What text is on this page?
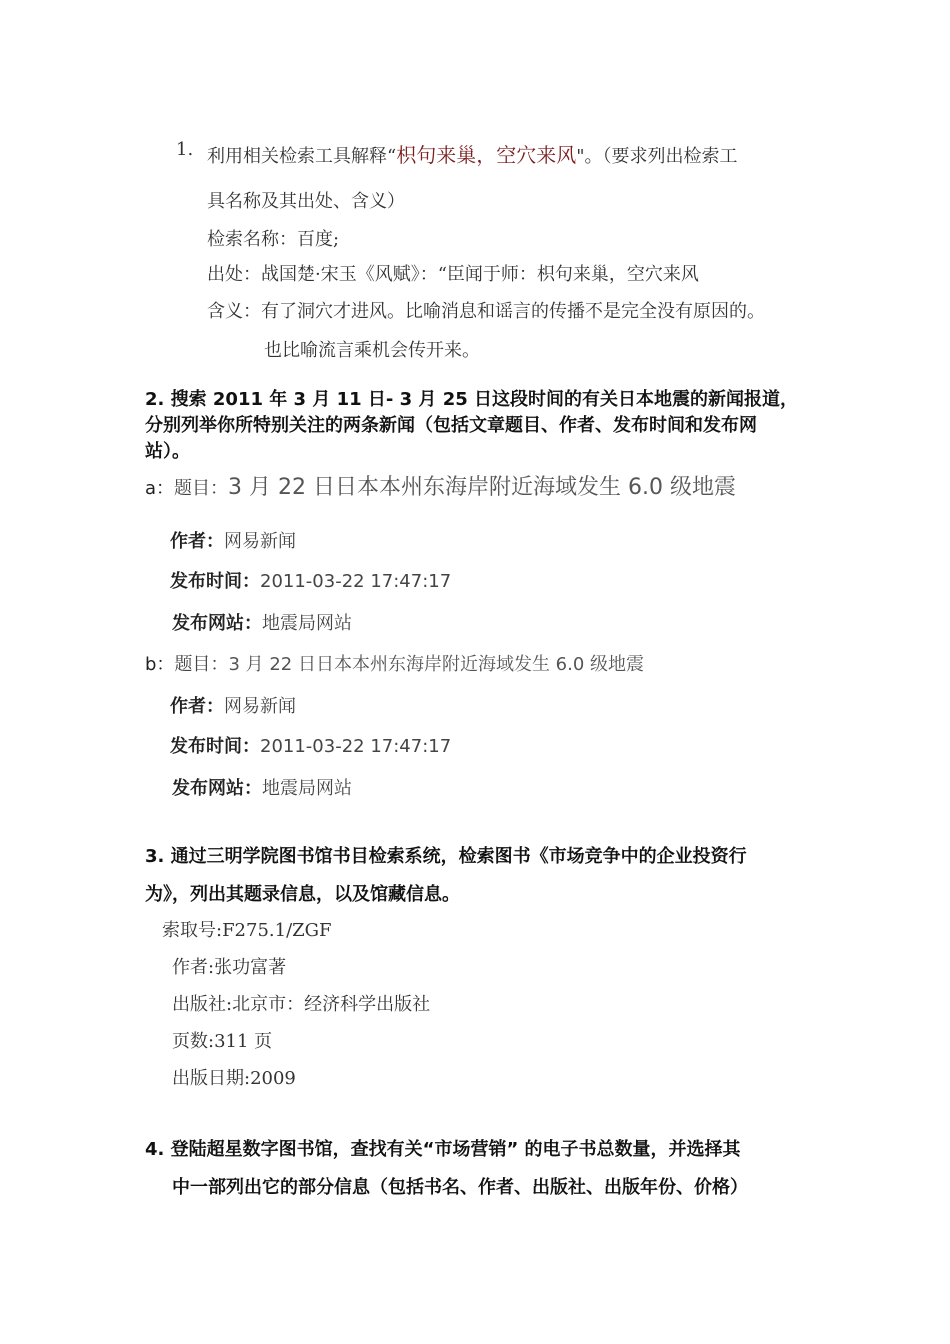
1. 利用相关检索工具解释“枳句来巢，空穴来风"。（要求列出检索工
具名称及其出处、含义）
检索名称：百度;
出处：战国楚·宋玉《风赋》：“臣闻于师：枳句来巢，空穴来风
含义：有了洞穴才进风。比喻消息和谣言的传播不是完全没有原因的。
也比喻流言乘机会传开来。
2. 搜索 2011 年 3 月 11 日- 3 月 25 日这段时间的有关日本地震的新闻报道，
分别列举你所特别关注的两条新闻（包括文章题目、作者、发布时间和发布网
站）。
a：题目：3 月 22 日日本本州东海岸附近海域发生 6.0 级地震
作者：网易新闻
发布时间：2011-03-22 17:47:17
发布网站：地震局网站
b：题目：3 月 22 日日本本州东海岸附近海域发生 6.0 级地震
作者：网易新闻
发布时间：2011-03-22 17:47:17
发布网站：地震局网站
3. 通过三明学院图书馆书目检索系统，检索图书《市场竞争中的企业投资行
为》，列出其题录信息，以及馆藏信息。
索取号:F275.1/ZGF
作者:张功富著
出版社:北京市：经济科学出版社
页数:311 页
出版日期:2009
4. 登陆超星数字图书馆，查找有关“市场营销” 的电子书总数量，并选择其
中一部列出它的部分信息（包括书名、作者、出版社、出版年份、价格）
